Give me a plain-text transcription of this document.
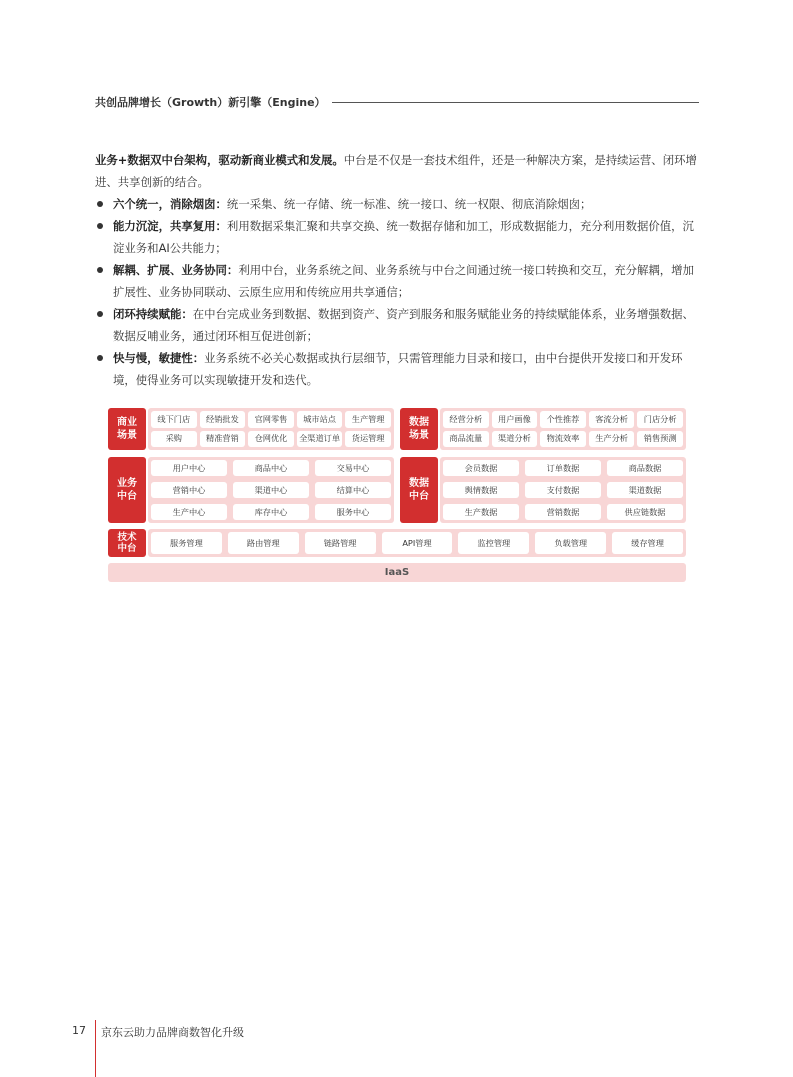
共创品牌增长（Growth）新引擎（Engine）

业务+数据双中台架构，驱动新商业模式和发展。中台是不仅是一套技术组件，还是一种解决方案，是持续运营、闭环增进、共享创新的结合。

六个统一，消除烟囱：统一采集、统一存储、统一标准、统一接口、统一权限、彻底消除烟囱；
能力沉淀，共享复用：利用数据采集汇聚和共享交换、统一数据存储和加工，形成数据能力，充分利用数据价值，沉淀业务和AI公共能力；
解耦、扩展、业务协同：利用中台，业务系统之间、业务系统与中台之间通过统一接口转换和交互，充分解耦，增加扩展性、业务协同联动、云原生应用和传统应用共享通信；
闭环持续赋能：在中台完成业务到数据、数据到资产、资产到服务和服务赋能业务的持续赋能体系，业务增强数据、数据反哺业务，通过闭环相互促进创新；
快与慢，敏捷性：业务系统不必关心数据或执行层细节，只需管理能力目录和接口，由中台提供开发接口和开发环境，使得业务可以实现敏捷开发和迭代。
商业
场景
线下门店	经销批发	官网零售	城市站点	生产管理
采购	精准营销	仓网优化	全渠道订单	货运管理
数据
场景
经营分析	用户画像	个性推荐	客流分析	门店分析
商品流量	渠道分析	物流效率	生产分析	销售预测
业务
中台
用户中心	商品中心	交易中心
营销中心	渠道中心	结算中心
生产中心	库存中心	服务中心
数据
中台
会员数据	订单数据	商品数据
舆情数据	支付数据	渠道数据
生产数据	营销数据	供应链数据
技术
中台
服务管理	路由管理	链路管理	API管理	监控管理	负载管理	缓存管理
IaaS
17 京东云助力品牌商数智化升级
